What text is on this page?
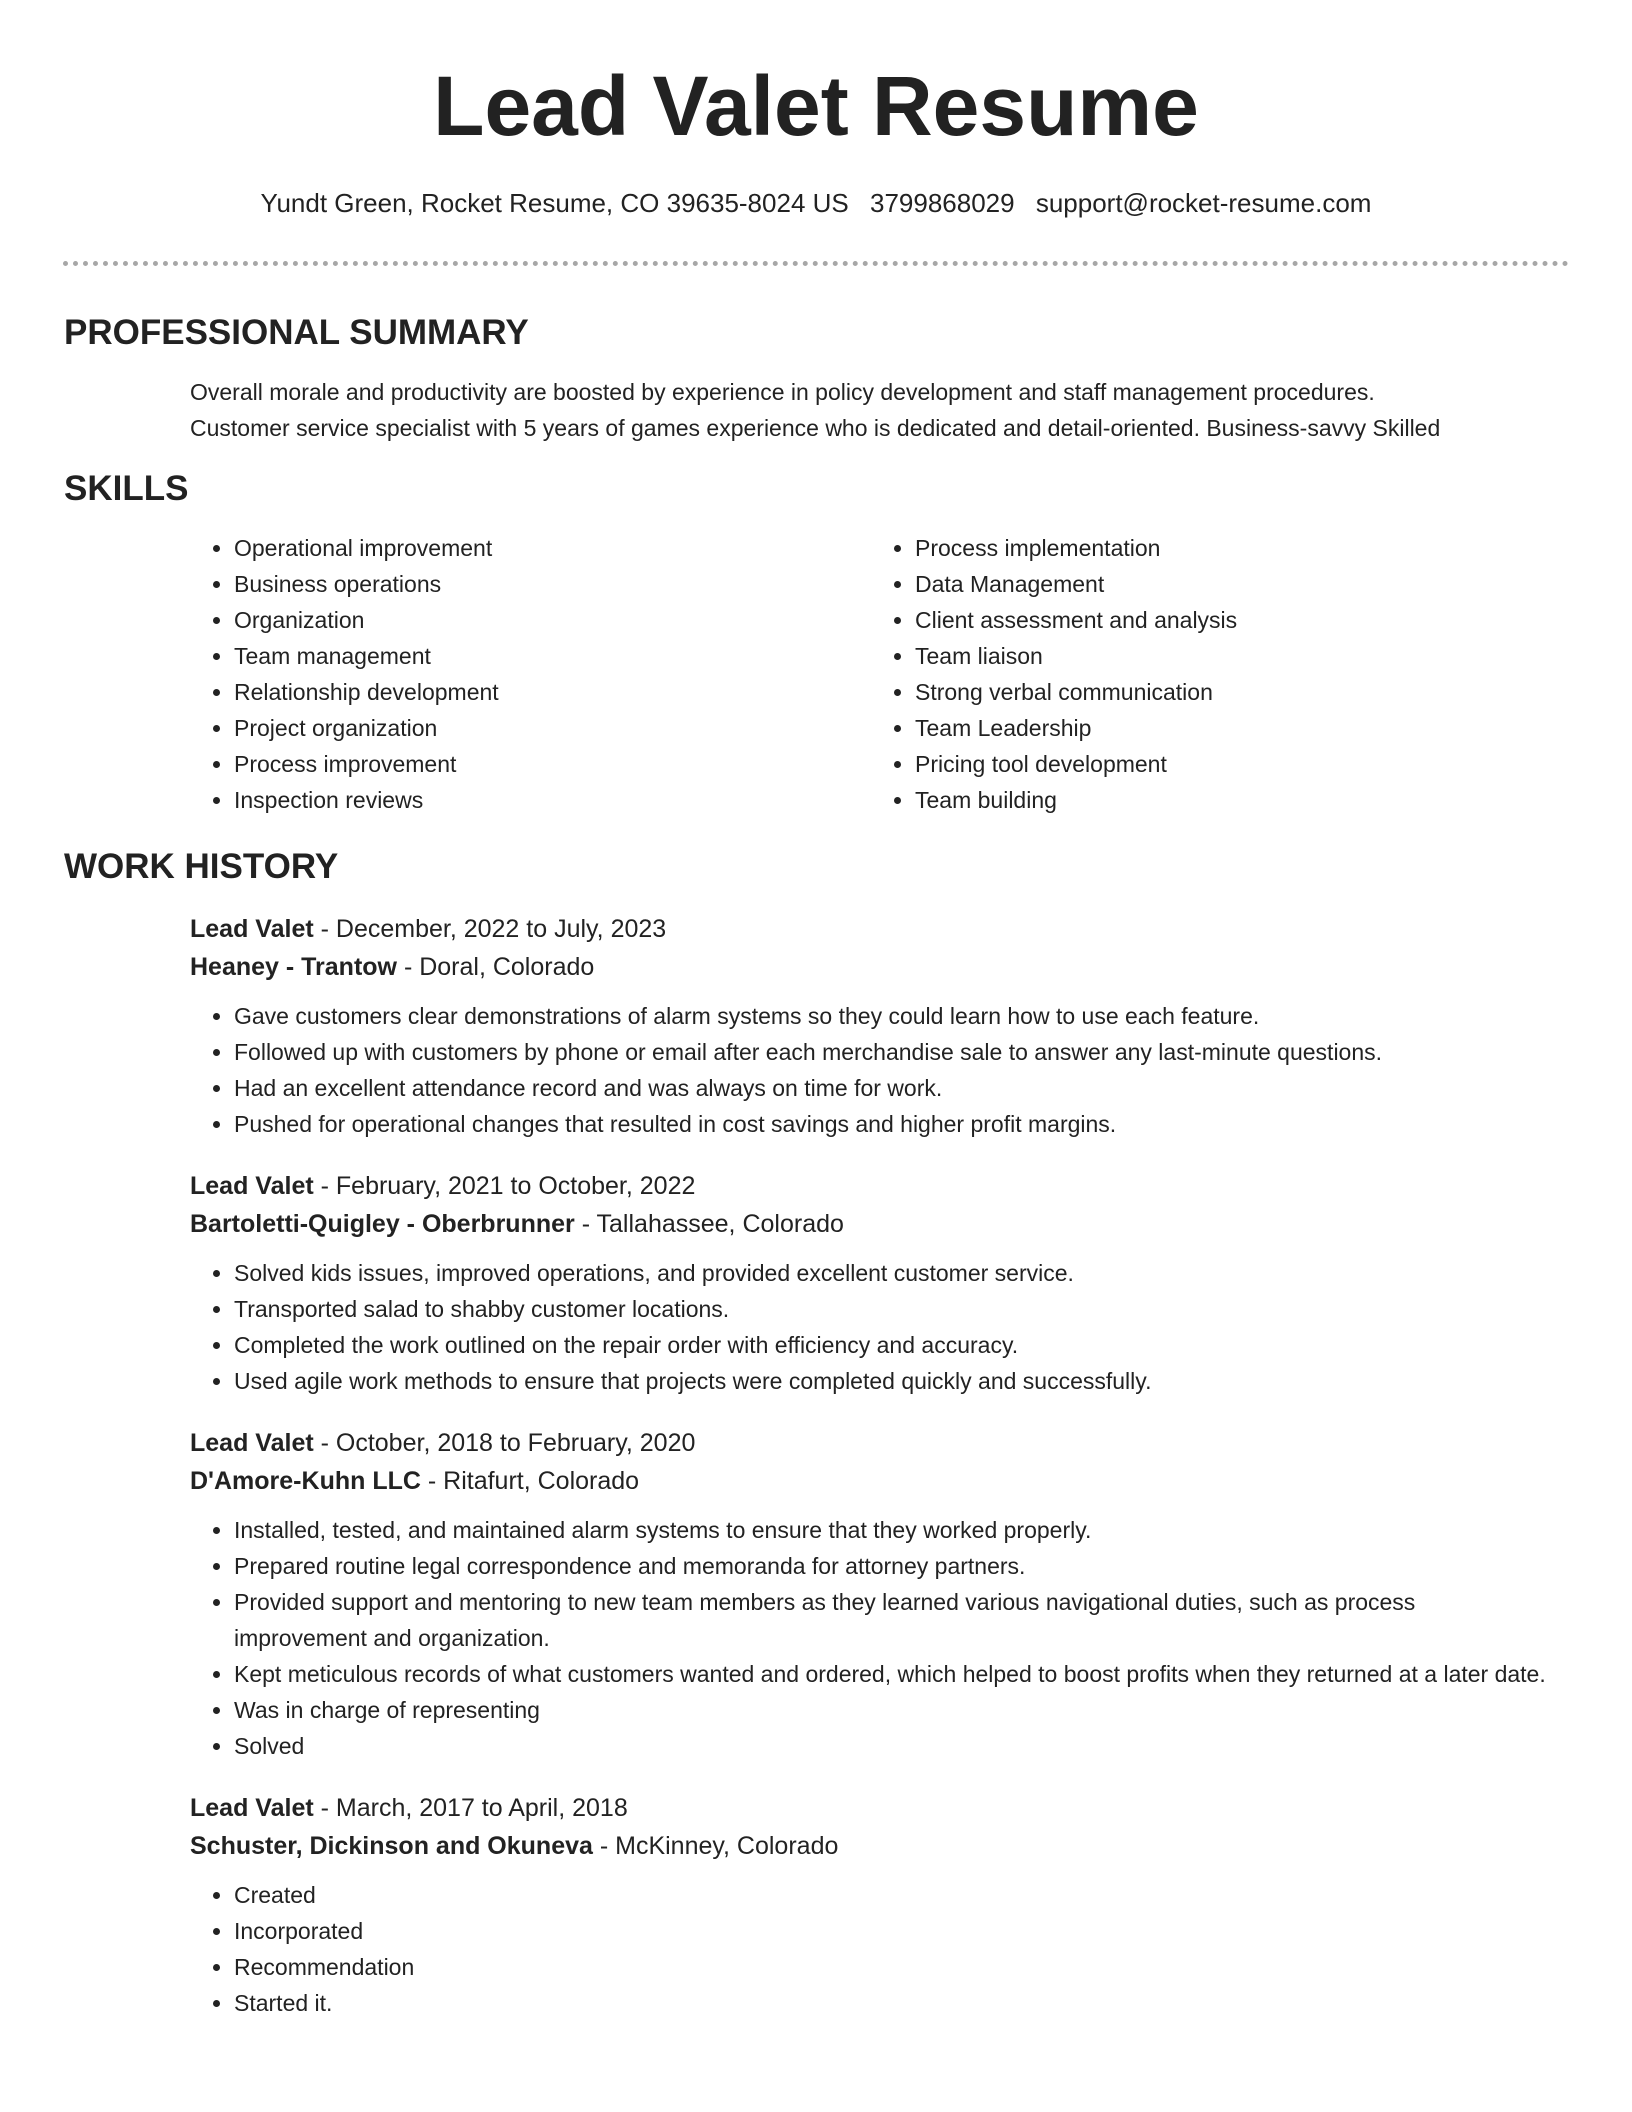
Lead Valet Resume
Yundt Green, Rocket Resume, CO 39635-8024 US 3799868029 support@rocket-resume.com
PROFESSIONAL SUMMARY

Overall morale and productivity are boosted by experience in policy development and staff management procedures.

Customer service specialist with 5 years of games experience who is dedicated and detail-oriented. Business-savvy Skilled

SKILLS
• Operational improvement
• Business operations
• Organization
• Team management
• Relationship development
• Project organization
• Process improvement
• Inspection reviews
• Process implementation
• Data Management
• Client assessment and analysis
• Team liaison
• Strong verbal communication
• Team Leadership
• Pricing tool development
• Team building
WORK HISTORY
Lead Valet - December, 2022 to July, 2023
Heaney - Trantow - Doral, Colorado
• Gave customers clear demonstrations of alarm systems so they could learn how to use each feature.
• Followed up with customers by phone or email after each merchandise sale to answer any last-minute questions.
• Had an excellent attendance record and was always on time for work.
• Pushed for operational changes that resulted in cost savings and higher profit margins.
Lead Valet - February, 2021 to October, 2022
Bartoletti-Quigley - Oberbrunner - Tallahassee, Colorado
• Solved kids issues, improved operations, and provided excellent customer service.
• Transported salad to shabby customer locations.
• Completed the work outlined on the repair order with efficiency and accuracy.
• Used agile work methods to ensure that projects were completed quickly and successfully.
Lead Valet - October, 2018 to February, 2020
D'Amore-Kuhn LLC - Ritafurt, Colorado
• Installed, tested, and maintained alarm systems to ensure that they worked properly.
• Prepared routine legal correspondence and memoranda for attorney partners.
• Provided support and mentoring to new team members as they learned various navigational duties, such as process improvement and organization.
• Kept meticulous records of what customers wanted and ordered, which helped to boost profits when they returned at a later date.
• Was in charge of representing
• Solved
Lead Valet - March, 2017 to April, 2018
Schuster, Dickinson and Okuneva - McKinney, Colorado
• Created
• Incorporated
• Recommendation
• Started it.
